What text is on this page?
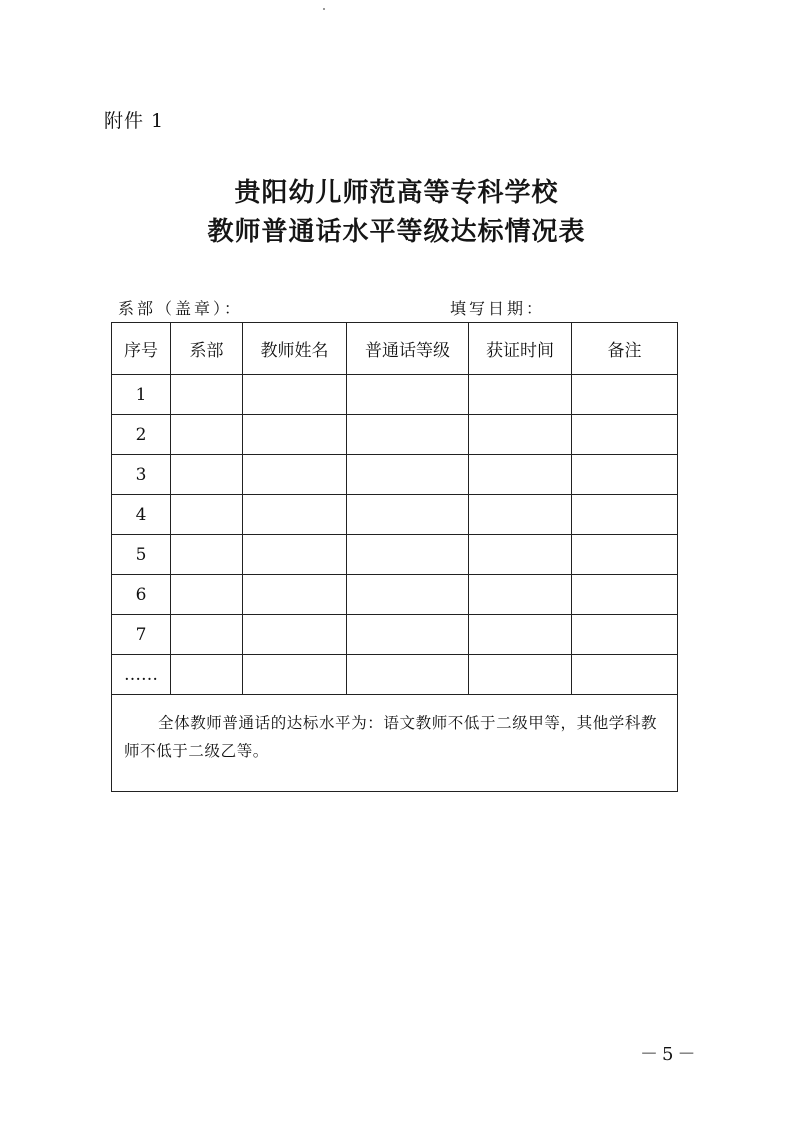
附件 1
贵阳幼儿师范高等专科学校
教师普通话水平等级达标情况表
系部（盖章）：	填写日期：
序号	系部	教师姓名	普通话等级	获证时间	备注
1					
2					
3					
4					
5					
6					
7					
……					
全体教师普通话的达标水平为：语文教师不低于二级甲等，其他学科教师不低于二级乙等。					
－5－
